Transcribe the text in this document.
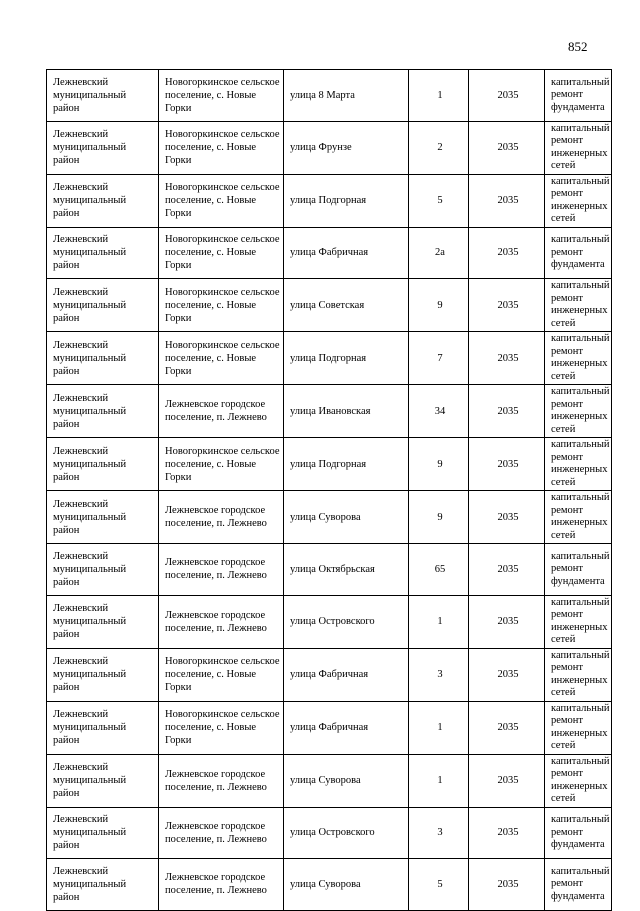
852
Лежневский муниципальный район	Новогоркинское сельское поселение, с. Новые Горки	улица 8 Марта	1	2035	капитальный ремонт фундамента
Лежневский муниципальный район	Новогоркинское сельское поселение, с. Новые Горки	улица Фрунзе	2	2035	капитальный ремонт инженерных сетей
Лежневский муниципальный район	Новогоркинское сельское поселение, с. Новые Горки	улица Подгорная	5	2035	капитальный ремонт инженерных сетей
Лежневский муниципальный район	Новогоркинское сельское поселение, с. Новые Горки	улица Фабричная	2а	2035	капитальный ремонт фундамента
Лежневский муниципальный район	Новогоркинское сельское поселение, с. Новые Горки	улица Советская	9	2035	капитальный ремонт инженерных сетей
Лежневский муниципальный район	Новогоркинское сельское поселение, с. Новые Горки	улица Подгорная	7	2035	капитальный ремонт инженерных сетей
Лежневский муниципальный район	Лежневское городское поселение, п. Лежнево	улица Ивановская	34	2035	капитальный ремонт инженерных сетей
Лежневский муниципальный район	Новогоркинское сельское поселение, с. Новые Горки	улица Подгорная	9	2035	капитальный ремонт инженерных сетей
Лежневский муниципальный район	Лежневское городское поселение, п. Лежнево	улица Суворова	9	2035	капитальный ремонт инженерных сетей
Лежневский муниципальный район	Лежневское городское поселение, п. Лежнево	улица Октябрьская	65	2035	капитальный ремонт фундамента
Лежневский муниципальный район	Лежневское городское поселение, п. Лежнево	улица Островского	1	2035	капитальный ремонт инженерных сетей
Лежневский муниципальный район	Новогоркинское сельское поселение, с. Новые Горки	улица Фабричная	3	2035	капитальный ремонт инженерных сетей
Лежневский муниципальный район	Новогоркинское сельское поселение, с. Новые Горки	улица Фабричная	1	2035	капитальный ремонт инженерных сетей
Лежневский муниципальный район	Лежневское городское поселение, п. Лежнево	улица Суворова	1	2035	капитальный ремонт инженерных сетей
Лежневский муниципальный район	Лежневское городское поселение, п. Лежнево	улица Островского	3	2035	капитальный ремонт фундамента
Лежневский муниципальный район	Лежневское городское поселение, п. Лежнево	улица Суворова	5	2035	капитальный ремонт фундамента
